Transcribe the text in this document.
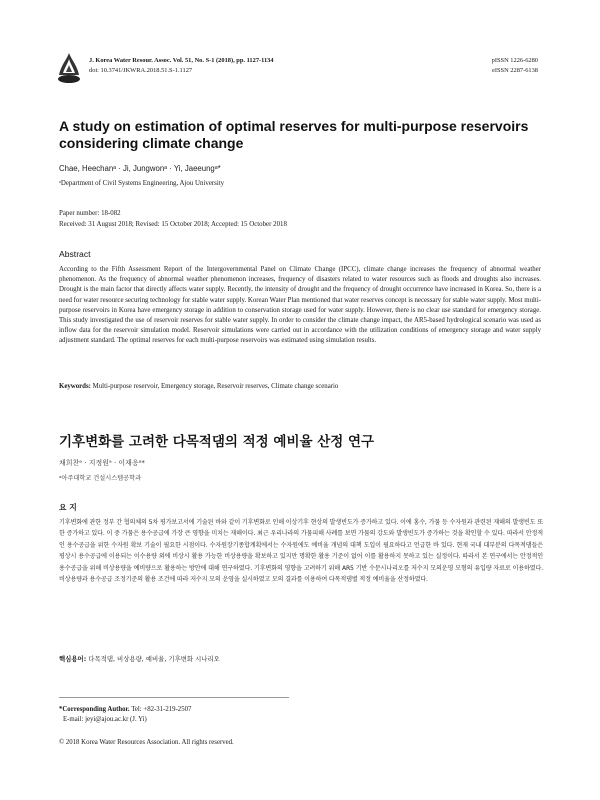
J. Korea Water Resour. Assoc. Vol. 51, No. S-1 (2018), pp. 1127-1134
doi: 10.3741/JKWRA.2018.51.S-1.1127
pISSN 1226-6280
eISSN 2287-6138
A study on estimation of optimal reserves for multi-purpose reservoirs considering climate change
Chae, Heechanᵃ · Ji, Jungwonᵃ · Yi, Jaeeungᵃ*
ᵃDepartment of Civil Systems Engineering, Ajou University
Paper number: 18-082
Received: 31 August 2018; Revised: 15 October 2018; Accepted: 15 October 2018
Abstract
According to the Fifth Assessment Report of the Intergovernmental Panel on Climate Change (IPCC), climate change increases the frequency of abnormal weather phenomenon. As the frequency of abnormal weather phenomenon increases, frequency of disasters related to water resources such as floods and droughts also increases. Drought is the main factor that directly affects water supply. Recently, the intensity of drought and the frequency of drought occurrence have increased in Korea. So, there is a need for water resource securing technology for stable water supply. Korean Water Plan mentioned that water reserves concept is necessary for stable water supply. Most multi-purpose reservoirs in Korea have emergency storage in addition to conservation storage used for water supply. However, there is no clear use standard for emergency storage. This study investigated the use of reservoir reserves for stable water supply. In order to consider the climate change impact, the AR5-based hydrological scenario was used as inflow data for the reservoir simulation model. Reservoir simulations were carried out in accordance with the utilization conditions of emergency storage and water supply adjustment standard. The optimal reserves for each multi-purpose reservoirs was estimated using simulation results.
Keywords: Multi-purpose reservoir, Emergency storage, Reservoir reserves, Climate change scenario
기후변화를 고려한 다목적댐의 적정 예비율 산정 연구
채희찬ᵃ · 지정원ᵃ · 이재응ᵃ*
ᵃ아주대학교 건설시스템공학과
요 지
기후변화에 관한 정부 간 협의체의 5차 평가보고서에 기술된 바와 같이 기후변화로 인해 이상기후 현상의 발생빈도가 증가하고 있다. 이에 홍수, 가뭄 등 수자원과 관련된 재해의 발생빈도 또한 증가하고 있다. 이 중 가뭄은 용수공급에 가장 큰 영향을 미치는 재해이다. 최근 우리나라의 가뭄피해 사례를 보면 가뭄의 강도와 발생빈도가 증가하는 것을 확인할 수 있다. 따라서 안정적인 용수공급을 위한 수자원 확보 기술이 필요한 시점이다. 수자원장기종합계획에서는 수자원에도 예비율 개념의 대책 도입이 필요하다고 언급한 바 있다. 현재 국내 대부분의 다목적댐들은 평상시 용수공급에 이용되는 이수용량 외에 비상시 활용 가능한 비상용량을 확보하고 있지만 명확한 활용 기준이 없어 이를 활용하지 못하고 있는 실정이다. 따라서 본 연구에서는 안정적인 용수공급을 위해 비상용량을 예비량으로 활용하는 방안에 대해 연구하였다. 기후변화의 영향을 고려하기 위해 AR5 기반 수문시나리오를 저수지 모의운영 모형의 유입량 자료로 이용하였다. 비상용량과 용수공급 조정기준의 활용 조건에 따라 저수지 모의 운영을 실시하였고 모의 결과를 이용하여 다목적댐별 적정 예비율을 산정하였다.
핵심용어: 다목적댐, 비상용량, 예비율, 기후변화 시나리오
*Corresponding Author. Tel: +82-31-219-2507
E-mail: jeyi@ajou.ac.kr (J. Yi)
© 2018 Korea Water Resources Association. All rights reserved.
